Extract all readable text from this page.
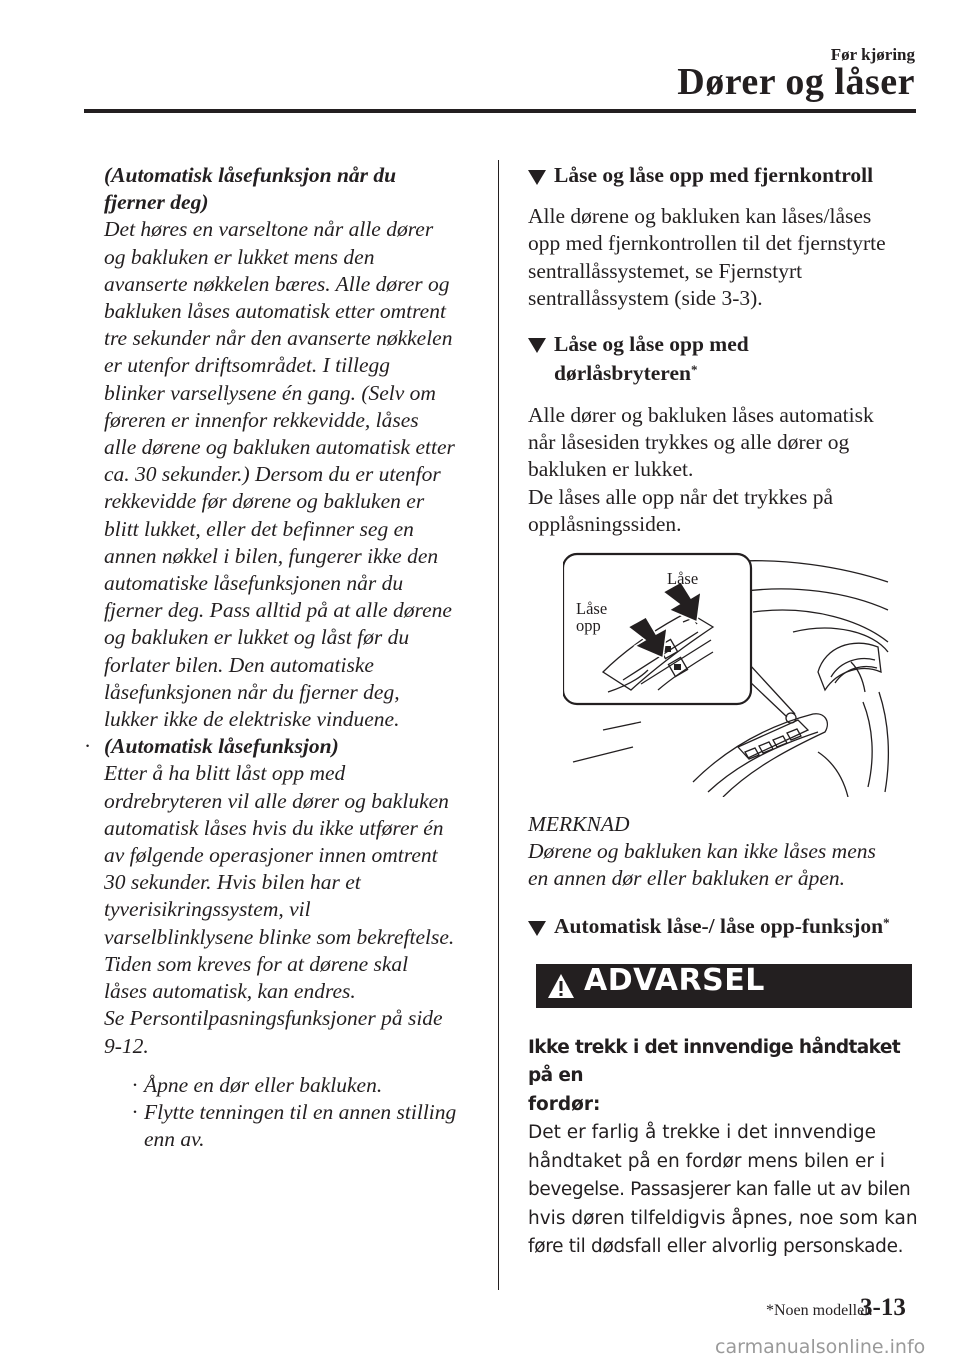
Før kjøring
Dører og låser
(Automatisk låsefunksjon når du
fjerner deg)
Det høres en varseltone når alle dører
og bakluken er lukket mens den
avanserte nøkkelen bæres. Alle dører og
bakluken låses automatisk etter omtrent
tre sekunder når den avanserte nøkkelen
er utenfor driftsområdet. I tillegg
blinker varsellysene én gang. (Selv om
føreren er innenfor rekkevidde, låses
alle dørene og bakluken automatisk etter
ca. 30 sekunder.) Dersom du er utenfor
rekkevidde før dørene og bakluken er
blitt lukket, eller det befinner seg en
annen nøkkel i bilen, fungerer ikke den
automatiske låsefunksjonen når du
fjerner deg. Pass alltid på at alle dørene
og bakluken er lukket og låst før du
forlater bilen. Den automatiske
låsefunksjonen når du fjerner deg,
lukker ikke de elektriske vinduene.
· (Automatisk låsefunksjon)
Etter å ha blitt låst opp med
ordrebryteren vil alle dører og bakluken
automatisk låses hvis du ikke utfører én
av følgende operasjoner innen omtrent
30 sekunder. Hvis bilen har et
tyverisikringssystem, vil
varselblinklysene blinke som bekreftelse.
Tiden som kreves for at dørene skal
låses automatisk, kan endres.
Se Persontilpasningsfunksjoner på side
9-12.
· Åpne en dør eller bakluken.
· Flytte tenningen til en annen stilling
enn av.
Låse og låse opp med fjernkontroll
Alle dørene og bakluken kan låses/låses
opp med fjernkontrollen til det fjernstyrte
sentrallåssystemet, se Fjernstyrt
sentrallåssystem (side 3-3).
Låse og låse opp med
dørlåsbryteren*
Alle dører og bakluken låses automatisk
når låsesiden trykkes og alle dører og
bakluken er lukket.
De låses alle opp når det trykkes på
opplåsningssiden.
Låse
Låse
opp
MERKNAD
Dørene og bakluken kan ikke låses mens
en annen dør eller bakluken er åpen.
Automatisk låse-/ låse opp-funksjon*
ADVARSEL
Ikke trekk i det innvendige håndtaket på en
fordør:
Det er farlig å trekke i det innvendige
håndtaket på en fordør mens bilen er i
bevegelse. Passasjerer kan falle ut av bilen
hvis døren tilfeldigvis åpnes, noe som kan
føre til dødsfall eller alvorlig personskade.
*Noen modeller.
3-13
carmanualsonline.info
